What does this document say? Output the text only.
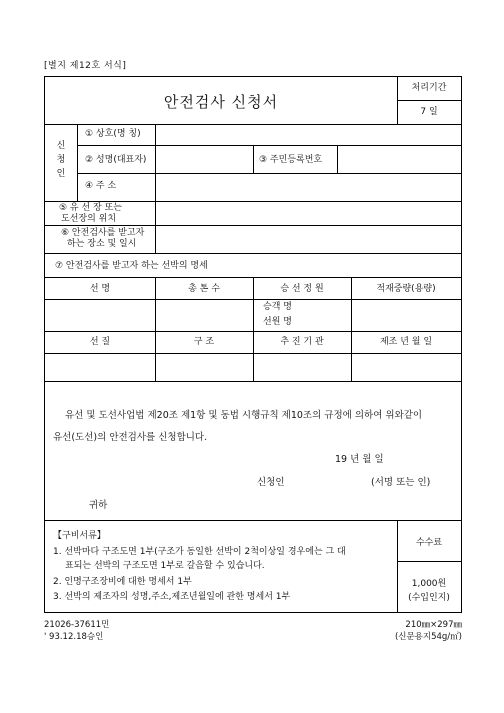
[별지 제12호 서식]
안전검사 신청서
처리기간
7 일
신
청
인
① 상호(명 칭)
② 성명(대표자)	③ 주민등록번호
④ 주 소
⑤ 유 선 장 또는
도선장의 위치
⑥ 안전검사를 받고자
하는 장소 및 일시
⑦ 안전검사를 받고자 하는 선박의 명세
선 명	총 톤 수	승 선 정 원	적재중량(용량)
승객 명
선원 명
선 질	구 조	추 진 기 관	제조 년 월 일
유선 및 도선사업법 제20조 제1항 및 동법 시행규칙 제10조의 규정에 의하여 위와같이
유선(도선)의 안전검사를 신청합니다.
19 년 월 일
신청인	(서명 또는 인)
귀하
【구비서류】
1. 선박마다 구조도면 1부(구조가 동일한 선박이 2척이상일 경우에는 그 대
표되는 선박의 구조도면 1부로 갈음할 수 있습니다.
2. 인명구조장비에 대한 명세서 1부
3. 선박의 제조자의 성명,주소,제조년월일에 관한 명세서 1부
수수료
1,000원
(수입인지)
21026-37611민
' 93.12.18승인
210㎜×297㎜
(신문용지54g/㎡)
